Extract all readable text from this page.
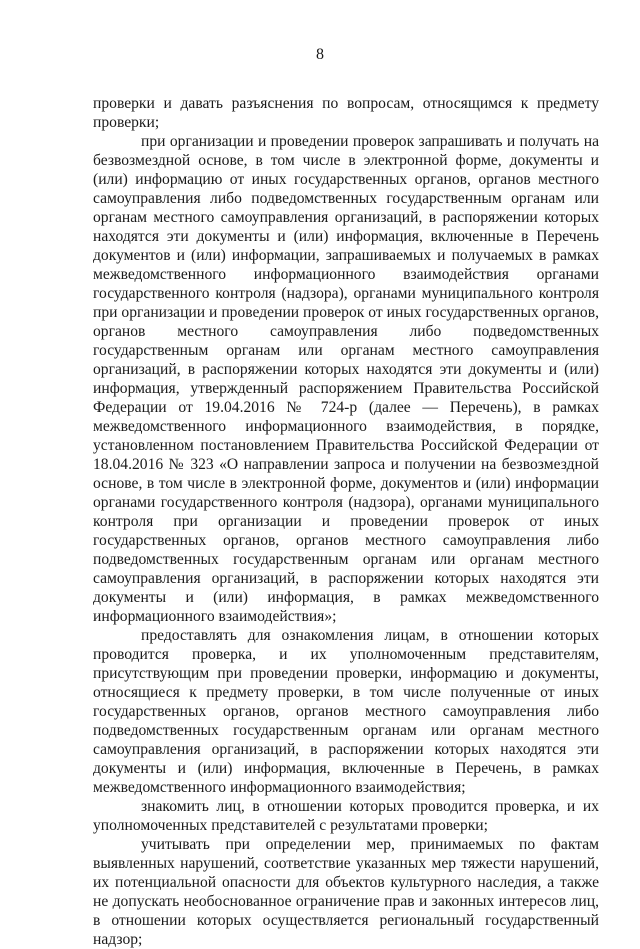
8

проверки и давать разъяснения по вопросам, относящимся к предмету проверки;

при организации и проведении проверок запрашивать и получать на безвозмездной основе, в том числе в электронной форме, документы и (или) информацию от иных государственных органов, органов местного самоуправления либо подведомственных государственным органам или органам местного самоуправления организаций, в распоряжении которых находятся эти документы и (или) информация, включенные в Перечень документов и (или) информации, запрашиваемых и получаемых в рамках межведомственного информационного взаимодействия органами государственного контроля (надзора), органами муниципального контроля при организации и проведении проверок от иных государственных органов, органов местного самоуправления либо подведомственных государственным органам или органам местного самоуправления организаций, в распоряжении которых находятся эти документы и (или) информация, утвержденный распоряжением Правительства Российской Федерации от 19.04.2016 № 724-р (далее — Перечень), в рамках межведомственного информационного взаимодействия, в порядке, установленном постановлением Правительства Российской Федерации от 18.04.2016 № 323 «О направлении запроса и получении на безвозмездной основе, в том числе в электронной форме, документов и (или) информации органами государственного контроля (надзора), органами муниципального контроля при организации и проведении проверок от иных государственных органов, органов местного самоуправления либо подведомственных государственным органам или органам местного самоуправления организаций, в распоряжении которых находятся эти документы и (или) информация, в рамках межведомственного информационного взаимодействия»;

предоставлять для ознакомления лицам, в отношении которых проводится проверка, и их уполномоченным представителям, присутствующим при проведении проверки, информацию и документы, относящиеся к предмету проверки, в том числе полученные от иных государственных органов, органов местного самоуправления либо подведомственных государственным органам или органам местного самоуправления организаций, в распоряжении которых находятся эти документы и (или) информация, включенные в Перечень, в рамках межведомственного информационного взаимодействия;

знакомить лиц, в отношении которых проводится проверка, и их уполномоченных представителей с результатами проверки;

учитывать при определении мер, принимаемых по фактам выявленных нарушений, соответствие указанных мер тяжести нарушений, их потенциальной опасности для объектов культурного наследия, а также не допускать необоснованное ограничение прав и законных интересов лиц, в отношении которых осуществляется региональный государственный надзор;
